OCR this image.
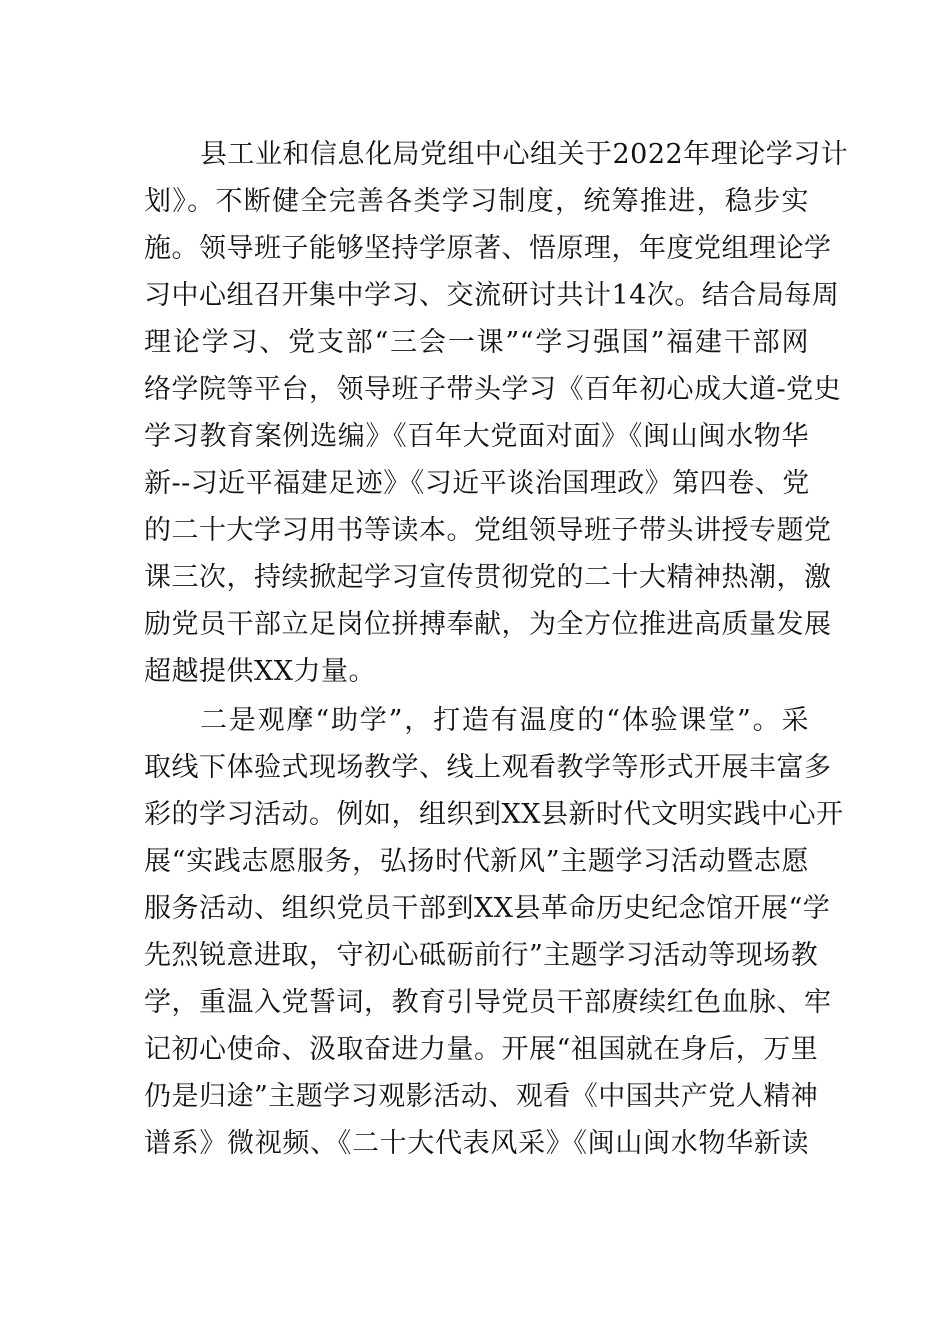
县工业和信息化局党组中心组关于2022年理论学习计
划》。不断健全完善各类学习制度，统筹推进，稳步实
施。领导班子能够坚持学原著、悟原理，年度党组理论学
习中心组召开集中学习、交流研讨共计14次。结合局每周
理论学习、党支部“三会一课”“学习强国”福建干部网
络学院等平台，领导班子带头学习《百年初心成大道-党史
学习教育案例选编》《百年大党面对面》《闽山闽水物华
新--习近平福建足迹》《习近平谈治国理政》第四卷、党
的二十大学习用书等读本。党组领导班子带头讲授专题党
课三次，持续掀起学习宣传贯彻党的二十大精神热潮，激
励党员干部立足岗位拼搏奉献，为全方位推进高质量发展
超越提供XX力量。
二是观摩“助学”，打造有温度的“体验课堂”。采
取线下体验式现场教学、线上观看教学等形式开展丰富多
彩的学习活动。例如，组织到XX县新时代文明实践中心开
展“实践志愿服务，弘扬时代新风”主题学习活动暨志愿
服务活动、组织党员干部到XX县革命历史纪念馆开展“学
先烈锐意进取，守初心砥砺前行”主题学习活动等现场教
学，重温入党誓词，教育引导党员干部赓续红色血脉、牢
记初心使命、汲取奋进力量。开展“祖国就在身后，万里
仍是归途”主题学习观影活动、观看《中国共产党人精神
谱系》微视频、《二十大代表风采》《闽山闽水物华新读
